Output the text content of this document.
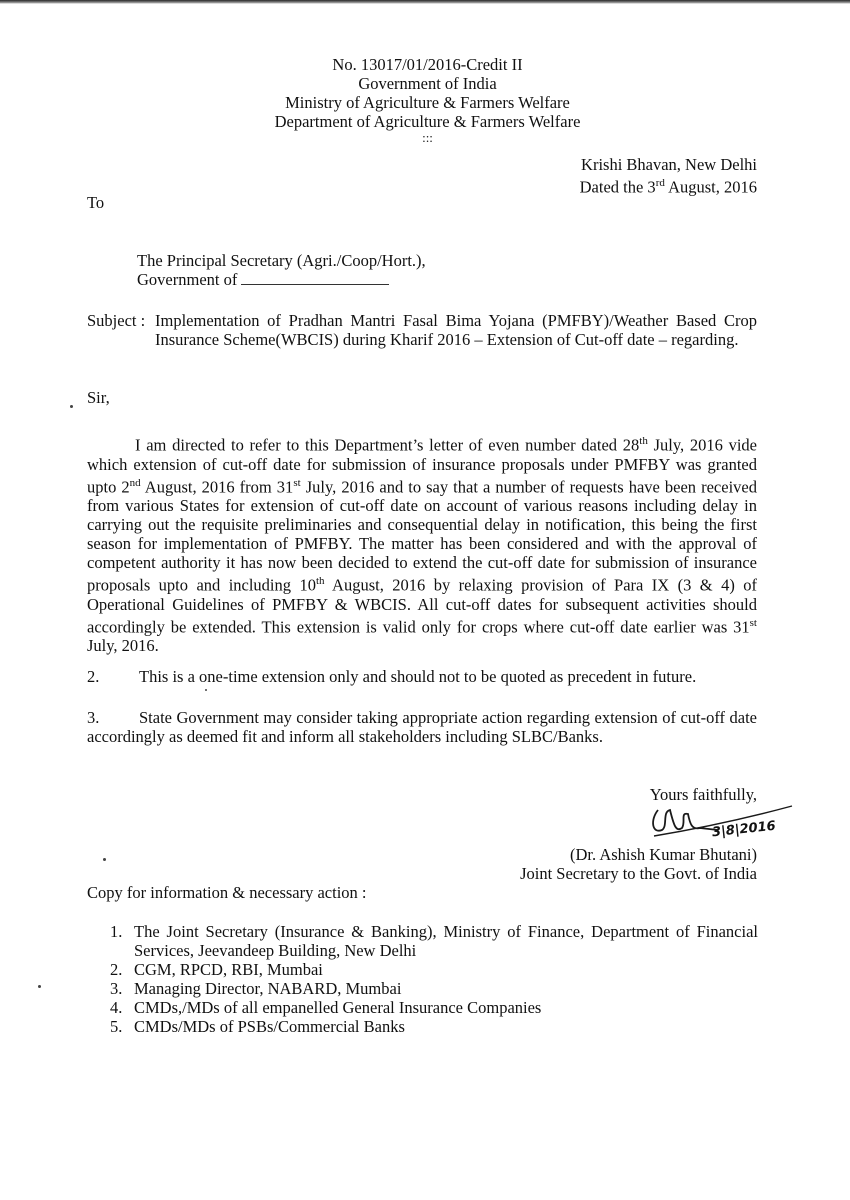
No. 13017/01/2016-Credit II
Government of India
Ministry of Agriculture & Farmers Welfare
Department of Agriculture & Farmers Welfare
:::
Krishi Bhavan, New Delhi
Dated the 3rd August, 2016
To
The Principal Secretary (Agri./Coop/Hort.),
Government of
Subject : Implementation of Pradhan Mantri Fasal Bima Yojana (PMFBY)/Weather Based Crop Insurance Scheme(WBCIS) during Kharif 2016 – Extension of Cut-off date – regarding.
Sir,
I am directed to refer to this Department’s letter of even number dated 28th July, 2016 vide which extension of cut-off date for submission of insurance proposals under PMFBY was granted upto 2nd August, 2016 from 31st July, 2016 and to say that a number of requests have been received from various States for extension of cut-off date on account of various reasons including delay in carrying out the requisite preliminaries and consequential delay in notification, this being the first season for implementation of PMFBY. The matter has been considered and with the approval of competent authority it has now been decided to extend the cut-off date for submission of insurance proposals upto and including 10th August, 2016 by relaxing provision of Para IX (3 & 4) of Operational Guidelines of PMFBY & WBCIS. All cut-off dates for subsequent activities should accordingly be extended. This extension is valid only for crops where cut-off date earlier was 31st July, 2016.
2. This is a one-time extension only and should not to be quoted as precedent in future.
3. State Government may consider taking appropriate action regarding extension of cut-off date accordingly as deemed fit and inform all stakeholders including SLBC/Banks.
Yours faithfully,
3|8|2016
(Dr. Ashish Kumar Bhutani)
Joint Secretary to the Govt. of India
Copy for information & necessary action :
1. The Joint Secretary (Insurance & Banking), Ministry of Finance, Department of Financial Services, Jeevandeep Building, New Delhi
2. CGM, RPCD, RBI, Mumbai
3. Managing Director, NABARD, Mumbai
4. CMDs,/MDs of all empanelled General Insurance Companies
5. CMDs/MDs of PSBs/Commercial Banks
